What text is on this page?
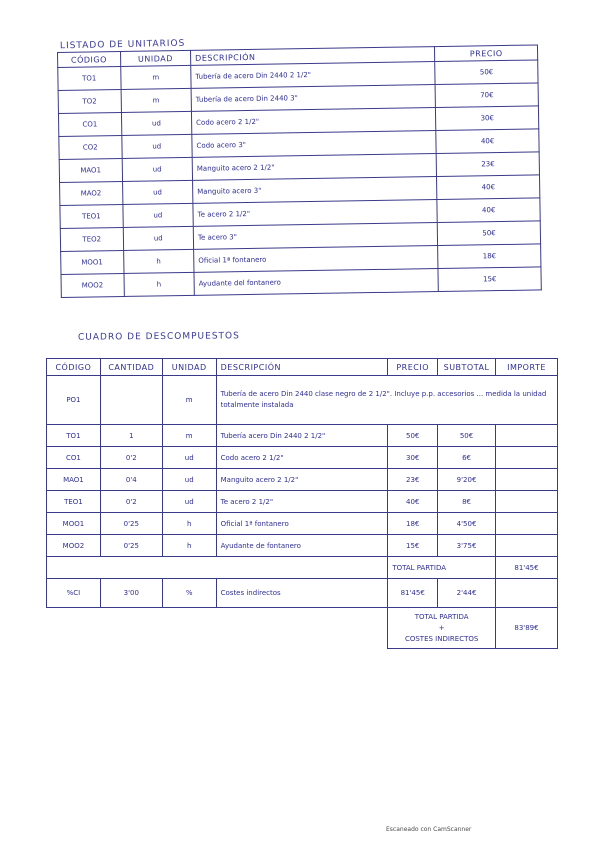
LISTADO DE UNITARIOS
CÓDIGO	UNIDAD	DESCRIPCIÓN	PRECIO
TO1	m	Tubería de acero Din 2440 2 1/2"	50€
TO2	m	Tubería de acero Din 2440 3"	70€
CO1	ud	Codo acero 2 1/2"	30€
CO2	ud	Codo acero 3"	40€
MAO1	ud	Manguito acero 2 1/2"	23€
MAO2	ud	Manguito acero 3"	40€
TEO1	ud	Te acero 2 1/2"	40€
TEO2	ud	Te acero 3"	50€
MOO1	h	Oficial 1ª fontanero	18€
MOO2	h	Ayudante del fontanero	15€
CUADRO DE DESCOMPUESTOS
CÓDIGO	CANTIDAD	UNIDAD	DESCRIPCIÓN	PRECIO	SUBTOTAL	IMPORTE
PO1		m	Tubería de acero Din 2440 clase negro de 2 1/2". Incluye p.p. accesorios ... medida la unidad totalmente instalada			
TO1	1	m	Tubería acero Din 2440 2 1/2"	50€	50€	
CO1	0'2	ud	Codo acero 2 1/2"	30€	6€	
MAO1	0'4	ud	Manguito acero 2 1/2"	23€	9'20€	
TEO1	0'2	ud	Te acero 2 1/2"	40€	8€	
MOO1	0'25	h	Oficial 1ª fontanero	18€	4'50€	
MOO2	0'25	h	Ayudante de fontanero	15€	3'75€	
				TOTAL PARTIDA		81'45€
%CI	3'00	%	Costes indirectos	81'45€	2'44€	

				TOTAL PARTIDA
+
COSTES INDIRECTOS		83'89€
Escaneado con CamScanner
